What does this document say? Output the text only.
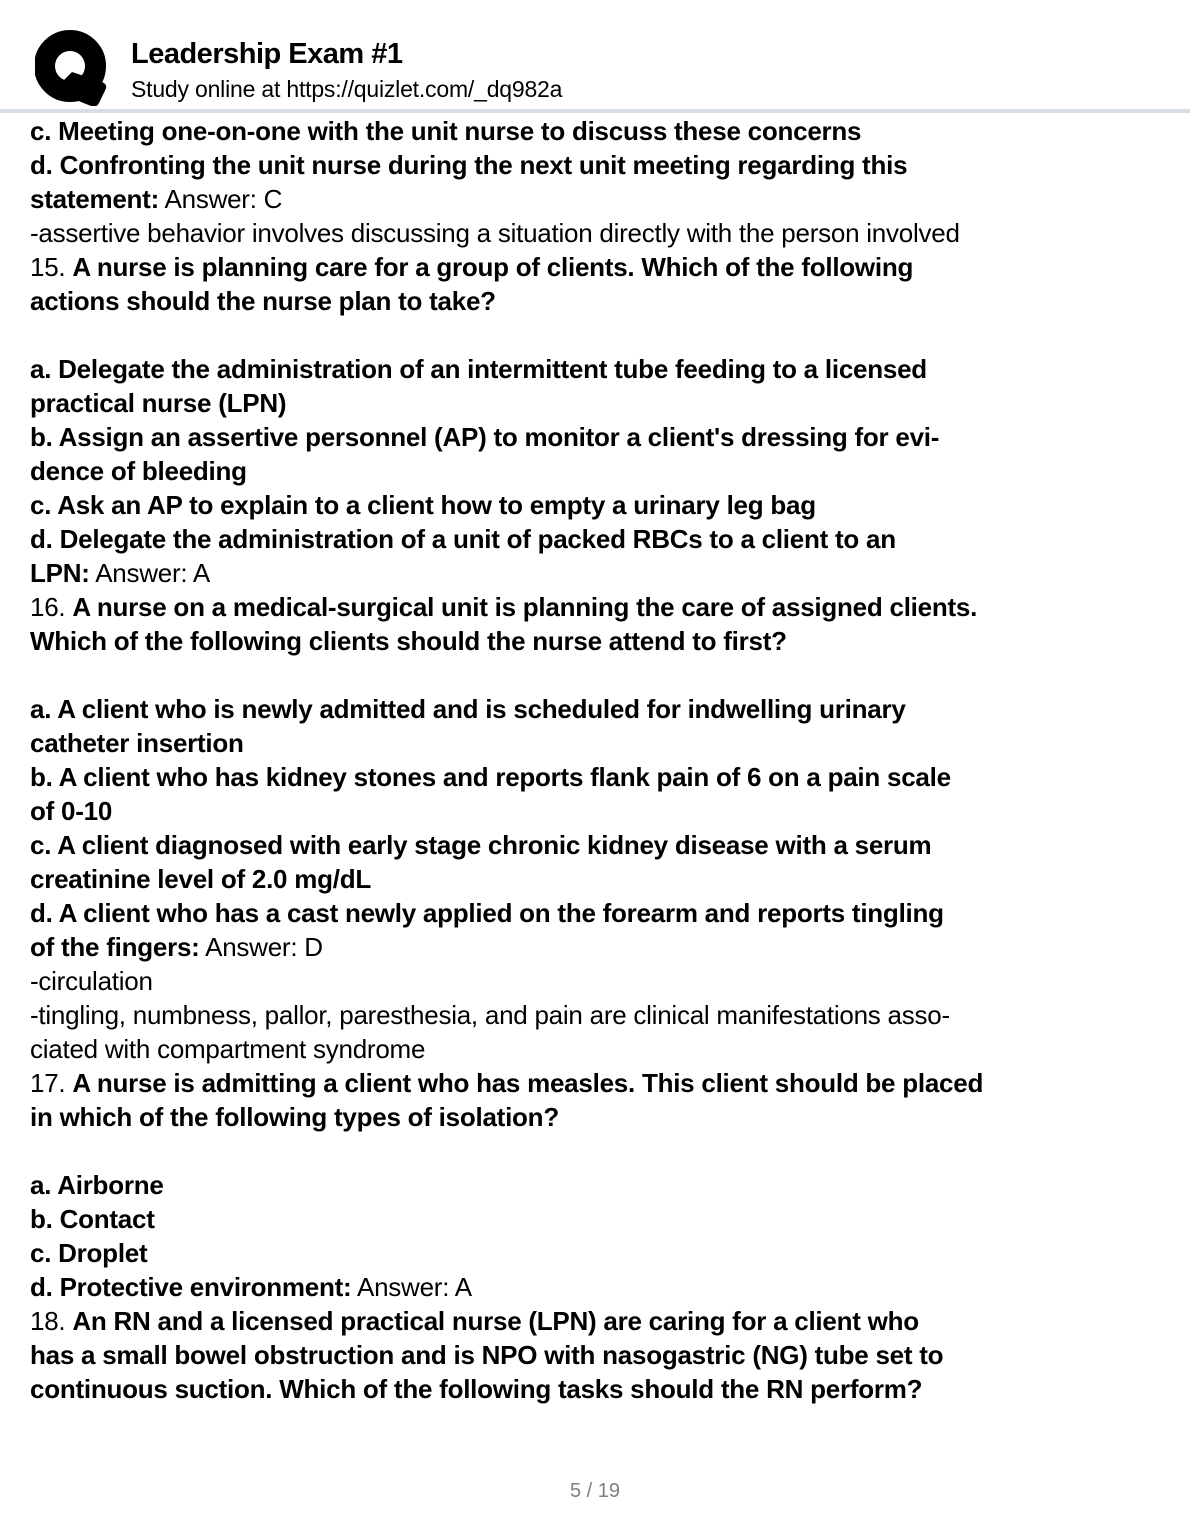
Leadership Exam #1
Study online at https://quizlet.com/_dq982a
c. Meeting one-on-one with the unit nurse to discuss these concerns
d. Confronting the unit nurse during the next unit meeting regarding this
statement: Answer: C
-assertive behavior involves discussing a situation directly with the person involved
15. A nurse is planning care for a group of clients. Which of the following
actions should the nurse plan to take?
a. Delegate the administration of an intermittent tube feeding to a licensed
practical nurse (LPN)
b. Assign an assertive personnel (AP) to monitor a client's dressing for evi-
dence of bleeding
c. Ask an AP to explain to a client how to empty a urinary leg bag
d. Delegate the administration of a unit of packed RBCs to a client to an
LPN: Answer: A
16. A nurse on a medical-surgical unit is planning the care of assigned clients.
Which of the following clients should the nurse attend to first?
a. A client who is newly admitted and is scheduled for indwelling urinary
catheter insertion
b. A client who has kidney stones and reports flank pain of 6 on a pain scale
of 0-10
c. A client diagnosed with early stage chronic kidney disease with a serum
creatinine level of 2.0 mg/dL
d. A client who has a cast newly applied on the forearm and reports tingling
of the fingers: Answer: D
-circulation
-tingling, numbness, pallor, paresthesia, and pain are clinical manifestations asso-
ciated with compartment syndrome
17. A nurse is admitting a client who has measles. This client should be placed
in which of the following types of isolation?
a. Airborne
b. Contact
c. Droplet
d. Protective environment: Answer: A
18. An RN and a licensed practical nurse (LPN) are caring for a client who
has a small bowel obstruction and is NPO with nasogastric (NG) tube set to
continuous suction. Which of the following tasks should the RN perform?
5 / 19
